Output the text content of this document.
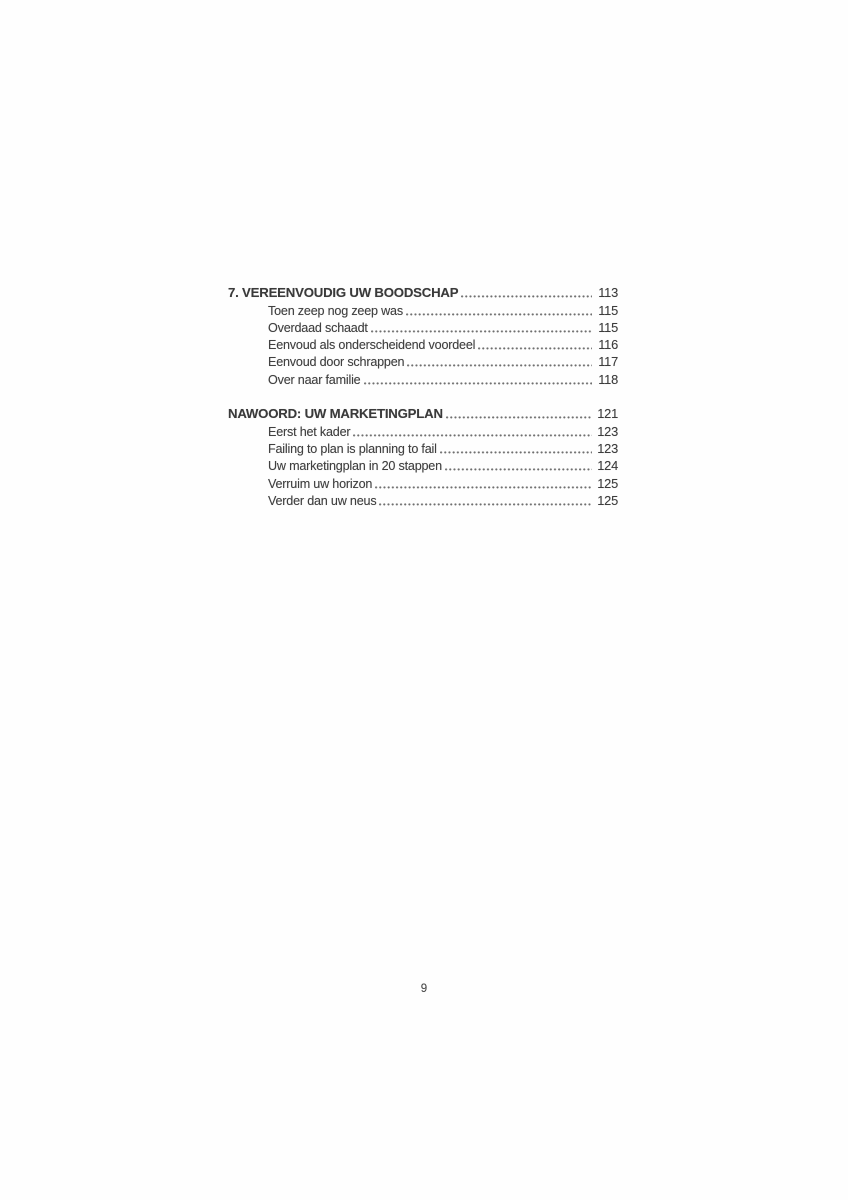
7. VEREENVOUDIG UW BOODSCHAP	113
Toen zeep nog zeep was	115
Overdaad schaadt	115
Eenvoud als onderscheidend voordeel	116
Eenvoud door schrappen	117
Over naar familie	118
NAWOORD: UW MARKETINGPLAN	121
Eerst het kader	123
Failing to plan is planning to fail	123
Uw marketingplan in 20 stappen	124
Verruim uw horizon	125
Verder dan uw neus	125
9
